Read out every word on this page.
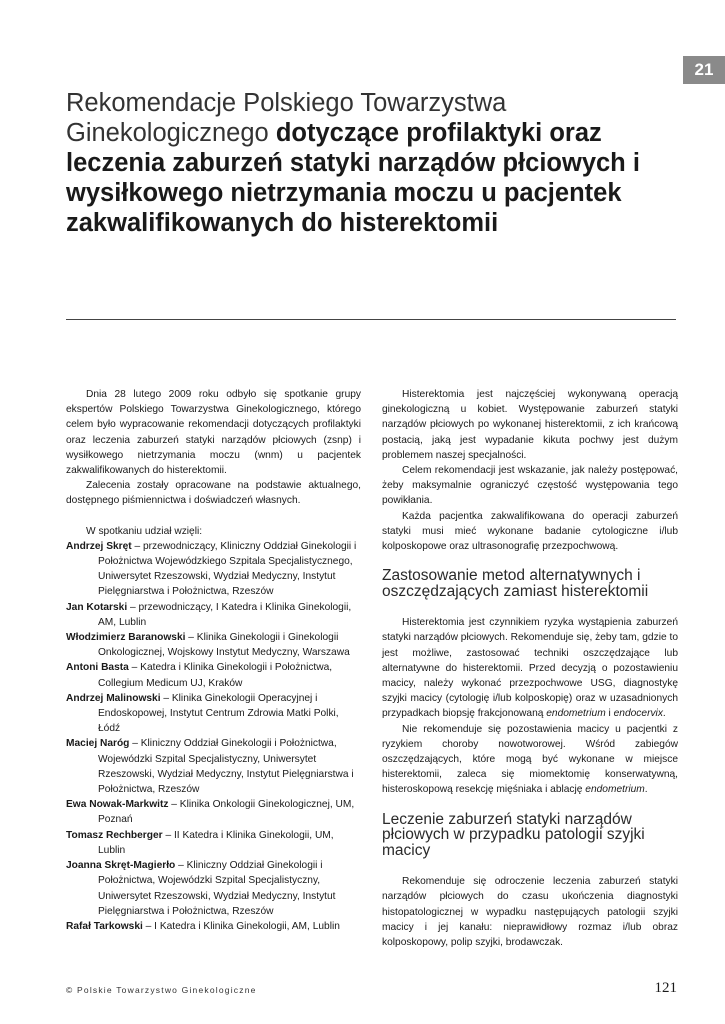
21
Rekomendacje Polskiego Towarzystwa Ginekologicznego dotyczące profilaktyki oraz leczenia zaburzeń statyki narządów płciowych i wysiłkowego nietrzymania moczu u pacjentek zakwalifikowanych do histerektomii

Dnia 28 lutego 2009 roku odbyło się spotkanie grupy ekspertów Polskiego Towarzystwa Ginekologicznego, którego celem było wypracowanie rekomendacji dotyczących profilaktyki oraz leczenia zaburzeń statyki narządów płciowych (zsnp) i wysiłkowego nietrzymania moczu (wnm) u pacjentek zakwalifikowanych do histerektomii.

Zalecenia zostały opracowane na podstawie aktualnego, dostępnego piśmiennictwa i doświadczeń własnych.

W spotkaniu udział wzięli:

Andrzej Skręt – przewodniczący, Kliniczny Oddział Ginekologii i Położnictwa Wojewódzkiego Szpitala Specjalistycznego, Uniwersytet Rzeszowski, Wydział Medyczny, Instytut Pielęgniarstwa i Położnictwa, Rzeszów
Jan Kotarski – przewodniczący, I Katedra i Klinika Ginekologii, AM, Lublin
Włodzimierz Baranowski – Klinika Ginekologii i Ginekologii Onkologicznej, Wojskowy Instytut Medyczny, Warszawa
Antoni Basta – Katedra i Klinika Ginekologii i Położnictwa, Collegium Medicum UJ, Kraków
Andrzej Malinowski – Klinika Ginekologii Operacyjnej i Endoskopowej, Instytut Centrum Zdrowia Matki Polki, Łódź
Maciej Naróg – Kliniczny Oddział Ginekologii i Położnictwa, Wojewódzki Szpital Specjalistyczny, Uniwersytet Rzeszowski, Wydział Medyczny, Instytut Pielęgniarstwa i Położnictwa, Rzeszów
Ewa Nowak-Markwitz – Klinika Onkologii Ginekologicznej, UM, Poznań
Tomasz Rechberger – II Katedra i Klinika Ginekologii, UM, Lublin
Joanna Skręt-Magierło – Kliniczny Oddział Ginekologii i Położnictwa, Wojewódzki Szpital Specjalistyczny, Uniwersytet Rzeszowski, Wydział Medyczny, Instytut Pielęgniarstwa i Położnictwa, Rzeszów
Rafał Tarkowski – I Katedra i Klinika Ginekologii, AM, Lublin

Histerektomia jest najczęściej wykonywaną operacją ginekologiczną u kobiet. Występowanie zaburzeń statyki narządów płciowych po wykonanej histerektomii, z ich krańcową postacią, jaką jest wypadanie kikuta pochwy jest dużym problemem naszej specjalności.

Celem rekomendacji jest wskazanie, jak należy postępować, żeby maksymalnie ograniczyć częstość występowania tego powikłania.

Każda pacjentka zakwalifikowana do operacji zaburzeń statyki musi mieć wykonane badanie cytologiczne i/lub kolposkopowe oraz ultrasonografię przezpochwową.

Zastosowanie metod alternatywnych i oszczędzających zamiast histerektomii

Histerektomia jest czynnikiem ryzyka wystąpienia zaburzeń statyki narządów płciowych. Rekomenduje się, żeby tam, gdzie to jest możliwe, zastosować techniki oszczędzające lub alternatywne do histerektomii. Przed decyzją o pozostawieniu macicy, należy wykonać przezpochwowe USG, diagnostykę szyjki macicy (cytologię i/lub kolposkopię) oraz w uzasadnionych przypadkach biopsję frakcjonowaną endometrium i endocervix.

Nie rekomenduje się pozostawienia macicy u pacjentki z ryzykiem choroby nowotworowej. Wśród zabiegów oszczędzających, które mogą być wykonane w miejsce histerektomii, zaleca się miomektomię konserwatywną, histeroskopową resekcję mięśniaka i ablację endometrium.

Leczenie zaburzeń statyki narządów płciowych w przypadku patologii szyjki macicy

Rekomenduje się odroczenie leczenia zaburzeń statyki narządów płciowych do czasu ukończenia diagnostyki histopatologicznej w wypadku następujących patologii szyjki macicy i jej kanału: nieprawidłowy rozmaz i/lub obraz kolposkopowy, polip szyjki, brodawczak.

© Polskie Towarzystwo Ginekologiczne	121
